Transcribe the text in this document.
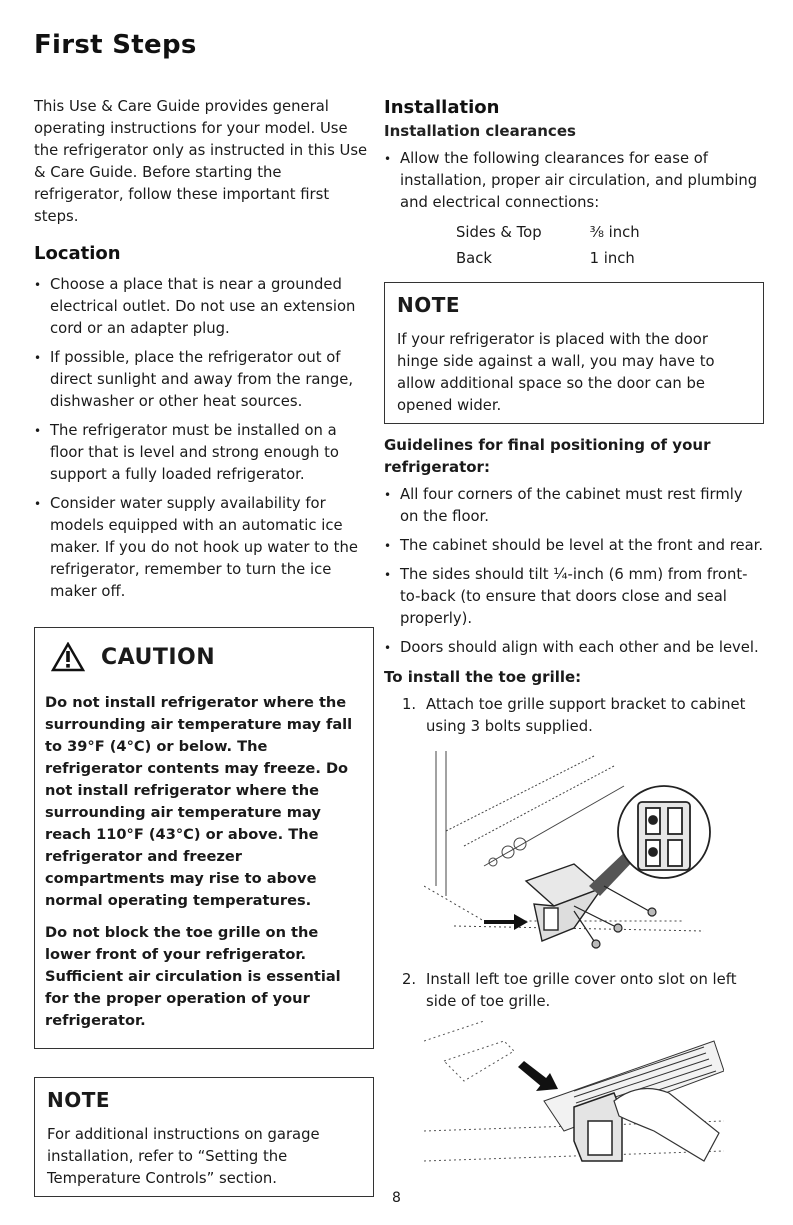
First Steps

This Use & Care Guide provides general operating instructions for your model. Use the refrigerator only as instructed in this Use & Care Guide. Before starting the refrigerator, follow these important first steps.

Location
• Choose a place that is near a grounded electrical outlet. Do not use an extension cord or an adapter plug.
• If possible, place the refrigerator out of direct sunlight and away from the range, dishwasher or other heat sources.
• The refrigerator must be installed on a floor that is level and strong enough to support a fully loaded refrigerator.
• Consider water supply availability for models equipped with an automatic ice maker. If you do not hook up water to the refrigerator, remember to turn the ice maker off.
CAUTION

Do not install refrigerator where the surrounding air temperature may fall to 39°F (4°C) or below. The refrigerator contents may freeze. Do not install refrigerator where the surrounding air temperature may reach 110°F (43°C) or above. The refrigerator and freezer compartments may rise to above normal operating temperatures.

Do not block the toe grille on the lower front of your refrigerator. Sufficient air circulation is essential for the proper operation of your refrigerator.

NOTE

For additional instructions on garage installation, refer to “Setting the Temperature Controls” section.

Installation
Installation clearances
• Allow the following clearances for ease of installation, proper air circulation, and plumbing and electrical connections:
Sides & Top	⅜ inch
Back	1 inch
NOTE

If your refrigerator is placed with the door hinge side against a wall, you may have to allow additional space so the door can be opened wider.

Guidelines for final positioning of your refrigerator:
• All four corners of the cabinet must rest firmly on the floor.
• The cabinet should be level at the front and rear.
• The sides should tilt ¼-inch (6 mm) from front-to-back (to ensure that doors close and seal properly).
• Doors should align with each other and be level.
To install the toe grille:
1. Attach toe grille support bracket to cabinet using 3 bolts supplied.
2. Install left toe grille cover onto slot on left side of toe grille.
8
